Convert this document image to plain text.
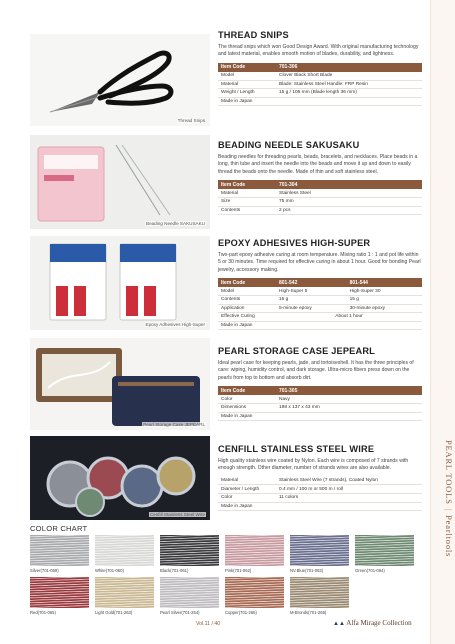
Thread Snips
THREAD SNIPS
The thread snips which won Good Design Award. With original manufacturing technology and latest material, enables smooth motion of blades, durability, and lightness.
Item Code	701-306
Model	Clover Black Short Blade
Material	Blade: Stainless Steel Handle: FRP Resin
Weight / Length	15 g / 105 mm (Blade length 36 mm)
Made in Japan	
Beading Needle SAKUSAKU
BEADING NEEDLE SAKUSAKU
Beading needles for threading pearls, beads, bracelets, and necklaces. Place beads in a long, thin tube and insert the needle into the beads and move it up and down to easily thread the beads onto the needle. Made of thin and soft stainless steel.
Item Code	701-304
Material	Stainless Steel
Size	75 mm
Contents	2 pcs
Epoxy Adhesives High-Super
EPOXY ADHESIVES HIGH-SUPER
Two-part epoxy adhesive curing at room temperature. Mixing ratio 1 : 1 and pot life within 5 or 30 minutes. Time required for effective curing in about 1 hour. Good for bonding Pearl jewelry, accessory making.
Item Code	801-542	801-544
Model	High-Super 5	High-Super 30
Contents	15 g	15 g
Application	5-minute epoxy	30-minute epoxy
Effective Curing	About 1 hour	
Made in Japan		
Pearl Storage Case JEPEARL
PEARL STORAGE CASE JEPEARL
Ideal pearl case for keeping pearls, jade, and tortoiseshell. It has the three principles of care: wiping, humidity control, and dark storage. Ultra-micro fibers press down on the pearls from top to bottom and absorb dirt.
Item Code	701-305
Color	Navy
Dimensions	198 x 137 x 43 mm
Made in Japan	
Cenfill Stainless Steel Wire
CENFILL STAINLESS STEEL WIRE
High quality stainless wire coated by Nylon. Each wire is composed of 7 strands with enough strength. Other diameter, number of strands wires are also available.
Material	Stainless Steel Wire (7 strands), Coated Nylon
Diameter / Length	0.4 mm / 100 m or 500 m / roll
Color	11 colors
Made in Japan	
COLOR CHART
Silver(701-059)	White(701-060)	Black(701-061)	Pink(701-062)	NV.Blue(701-063)	Green(701-064)
Red(701-065)	Light Gold(701-263)	Pearl Silver(701-264)	Copper(701-265)	M-Bronds(701-266)
Vol.11 / 40	▲▲ Alfa Mirage Collection
PEARL TOOLS|Pearltools
